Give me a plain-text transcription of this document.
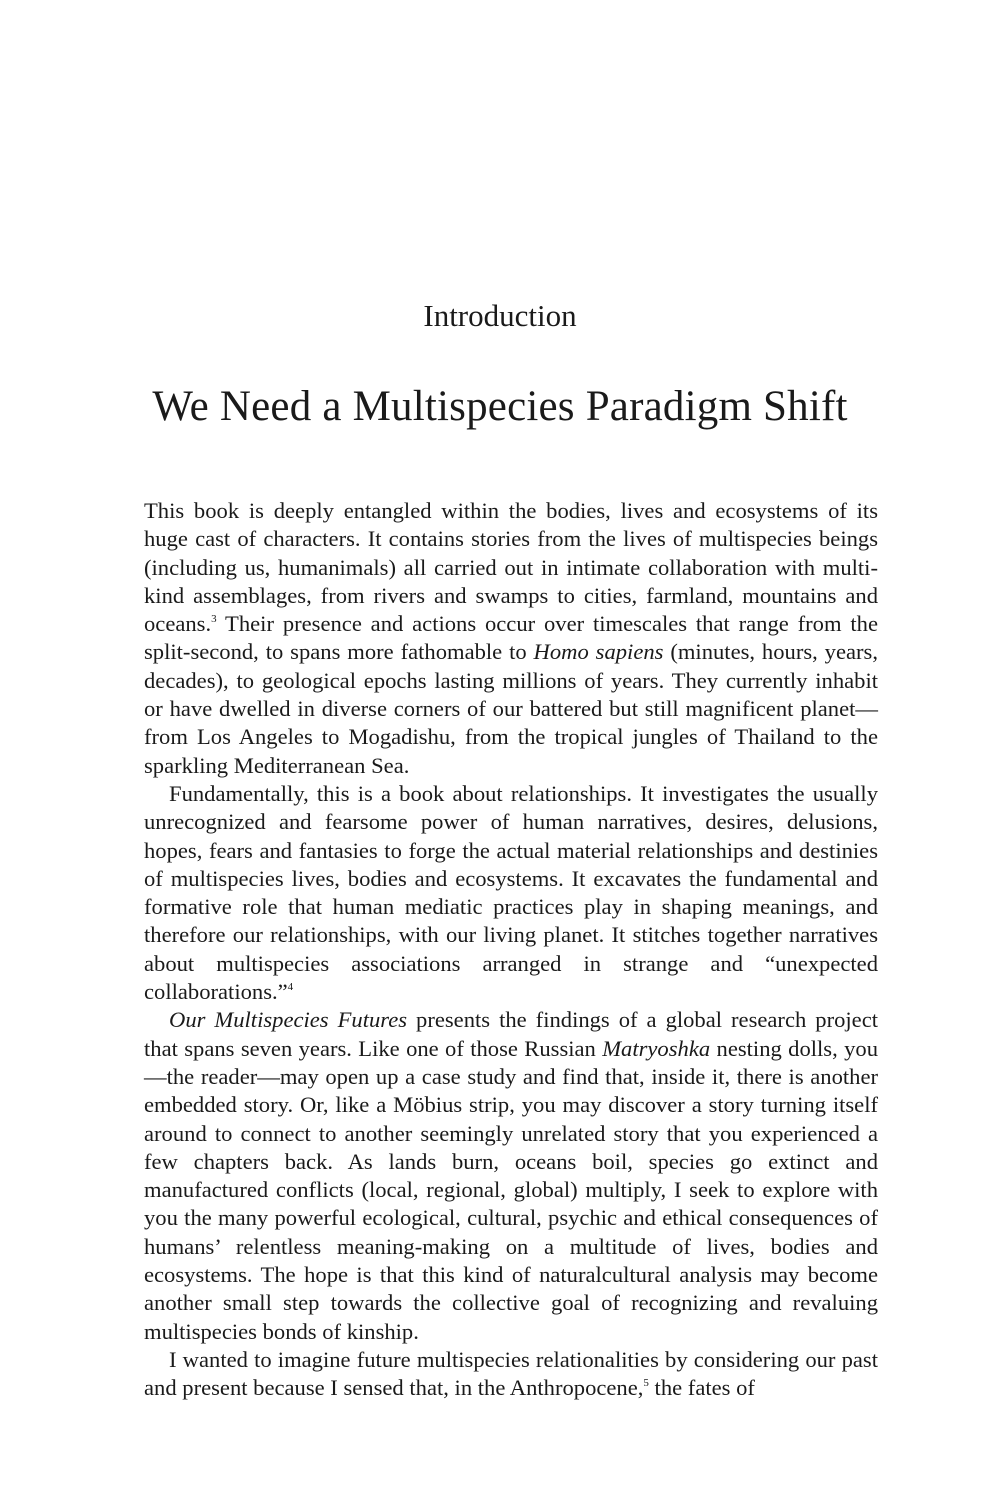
Introduction
We Need a Multispecies Paradigm Shift

This book is deeply entangled within the bodies, lives and ecosystems of its huge cast of characters. It contains stories from the lives of multispecies beings (including us, humanimals) all carried out in intimate collaboration with multi-kind assemblages, from rivers and swamps to cities, farmland, mountains and oceans.$^3$ Their presence and actions occur over timescales that range from the split-second, to spans more fathomable to Homo sapiens (minutes, hours, years, decades), to geological epochs lasting millions of years. They currently inhabit or have dwelled in diverse corners of our battered but still magnificent planet—from Los Angeles to Mogadishu, from the tropical jungles of Thailand to the sparkling Mediterranean Sea.

Fundamentally, this is a book about relationships. It investigates the usually unrecognized and fearsome power of human narratives, desires, delusions, hopes, fears and fantasies to forge the actual material relationships and destinies of multispecies lives, bodies and ecosystems. It excavates the fundamental and formative role that human mediatic practices play in shaping meanings, and therefore our relationships, with our living planet. It stitches together narratives about multispecies associations arranged in strange and “unexpected collaborations.”$^4$

Our Multispecies Futures presents the findings of a global research project that spans seven years. Like one of those Russian Matryoshka nesting dolls, you—the reader—may open up a case study and find that, inside it, there is another embedded story. Or, like a Möbius strip, you may discover a story turning itself around to connect to another seemingly unrelated story that you experienced a few chapters back. As lands burn, oceans boil, species go extinct and manufactured conflicts (local, regional, global) multiply, I seek to explore with you the many powerful ecological, cultural, psychic and ethical consequences of humans’ relentless meaning-making on a multitude of lives, bodies and ecosystems. The hope is that this kind of naturalcultural analysis may become another small step towards the collective goal of recognizing and revaluing multispecies bonds of kinship.

I wanted to imagine future multispecies relationalities by considering our past and present because I sensed that, in the Anthropocene,$^5$ the fates of
